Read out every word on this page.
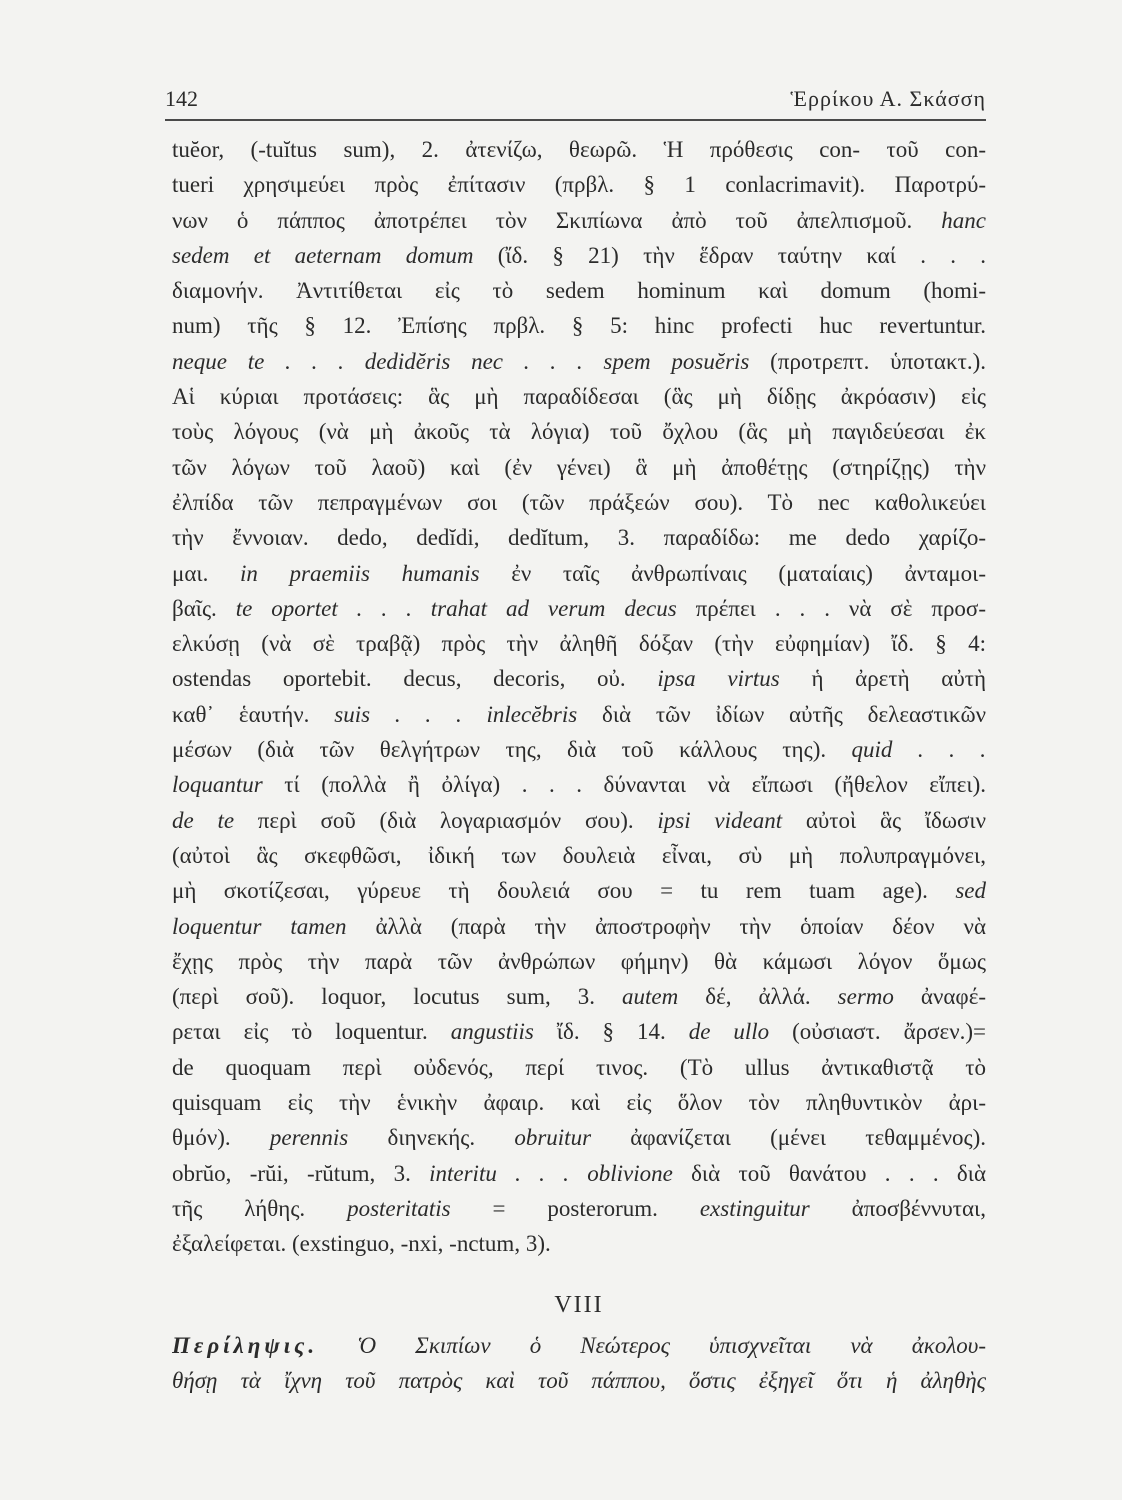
142	Ἑρρίκου Α. Σκάσση
tuĕor, (-tuĭtus sum), 2. ἀτενίζω, θεωρῶ. Ἡ πρόθεσις con- τοῦ con-
tueri χρησιμεύει πρὸς ἐπίτασιν (πρβλ. § 1 conlacrimavit). Παροτρύ-
νων ὁ πάππος ἀποτρέπει τὸν Σκιπίωνα ἀπὸ τοῦ ἀπελπισμοῦ. hanc
sedem et aeternam domum (ἴδ. § 21) τὴν ἕδραν ταύτην καί . . .
διαμονήν. Ἀντιτίθεται εἰς τὸ sedem hominum καὶ domum (homi-
num) τῆς § 12. Ἐπίσης πρβλ. § 5: hinc profecti huc revertuntur.
neque te . . . dedidĕris nec . . . spem posuĕris (προτρεπτ. ὑποτακτ.).
Αἱ κύριαι προτάσεις: ἃς μὴ παραδίδεσαι (ἃς μὴ δίδῃς ἀκρόασιν) εἰς
τοὺς λόγους (νὰ μὴ ἀκοῦς τὰ λόγια) τοῦ ὄχλου (ἃς μὴ παγιδεύεσαι ἐκ
τῶν λόγων τοῦ λαοῦ) καὶ (ἐν γένει) ἃ μὴ ἀποθέτῃς (στηρίζῃς) τὴν
ἐλπίδα τῶν πεπραγμένων σοι (τῶν πράξεών σου). Τὸ nec καθολικεύει
τὴν ἔννοιαν. dedo, dedĭdi, dedĭtum, 3. παραδίδω: me dedo χαρίζο-
μαι. in praemiis humanis ἐν ταῖς ἀνθρωπίναις (ματαίαις) ἀνταμοι-
βαῖς. te oportet . . . trahat ad verum decus πρέπει . . . νὰ σὲ προσ-
ελκύσῃ (νὰ σὲ τραβᾷ) πρὸς τὴν ἀληθῆ δόξαν (τὴν εὐφημίαν) ἴδ. § 4:
ostendas oportebit. decus, decoris, οὐ. ipsa virtus ἡ ἀρετὴ αὐτὴ
καθ᾿ ἑαυτήν. suis . . . inlecĕbris διὰ τῶν ἰδίων αὐτῆς δελεαστικῶν
μέσων (διὰ τῶν θελγήτρων της, διὰ τοῦ κάλλους της). quid . . .
loquantur τί (πολλὰ ἢ ὀλίγα) . . . δύνανται νὰ εἴπωσι (ἤθελον εἴπει).
de te περὶ σοῦ (διὰ λογαριασμόν σου). ipsi videant αὐτοὶ ἃς ἴδωσιν
(αὐτοὶ ἃς σκεφθῶσι, ἰδική των δουλειὰ εἶναι, σὺ μὴ πολυπραγμόνει,
μὴ σκοτίζεσαι, γύρευε τὴ δουλειά σου = tu rem tuam age). sed
loquentur tamen ἀλλὰ (παρὰ τὴν ἀποστροφὴν τὴν ὁποίαν δέον νὰ
ἔχῃς πρὸς τὴν παρὰ τῶν ἀνθρώπων φήμην) θὰ κάμωσι λόγον ὅμως
(περὶ σοῦ). loquor, locutus sum, 3. autem δέ, ἀλλά. sermo ἀναφέ-
ρεται εἰς τὸ loquentur. angustiis ἴδ. § 14. de ullo (οὐσιαστ. ἄρσεν.)=
de quoquam περὶ οὐδενός, περί τινος. (Τὸ ullus ἀντικαθιστᾷ τὸ
quisquam εἰς τὴν ἑνικὴν ἀφαιρ. καὶ εἰς ὅλον τὸν πληθυντικὸν ἀρι-
θμόν). perennis διηνεκής. obruitur ἀφανίζεται (μένει τεθαμμένος).
obrŭo, -rŭi, -rŭtum, 3. interitu . . . oblivione διὰ τοῦ θανάτου . . . διὰ
τῆς λήθης. posteritatis = posterorum. exstinguitur ἀποσβέννυται,
ἐξαλείφεται. (exstinguo, -nxi, -nctum, 3).
VIII
Περίληψις. Ὁ Σκιπίων ὁ Νεώτερος ὑπισχνεῖται νὰ ἀκολου-
θήσῃ τὰ ἴχνη τοῦ πατρὸς καὶ τοῦ πάππου, ὅστις ἐξηγεῖ ὅτι ἡ ἀληθὴς
